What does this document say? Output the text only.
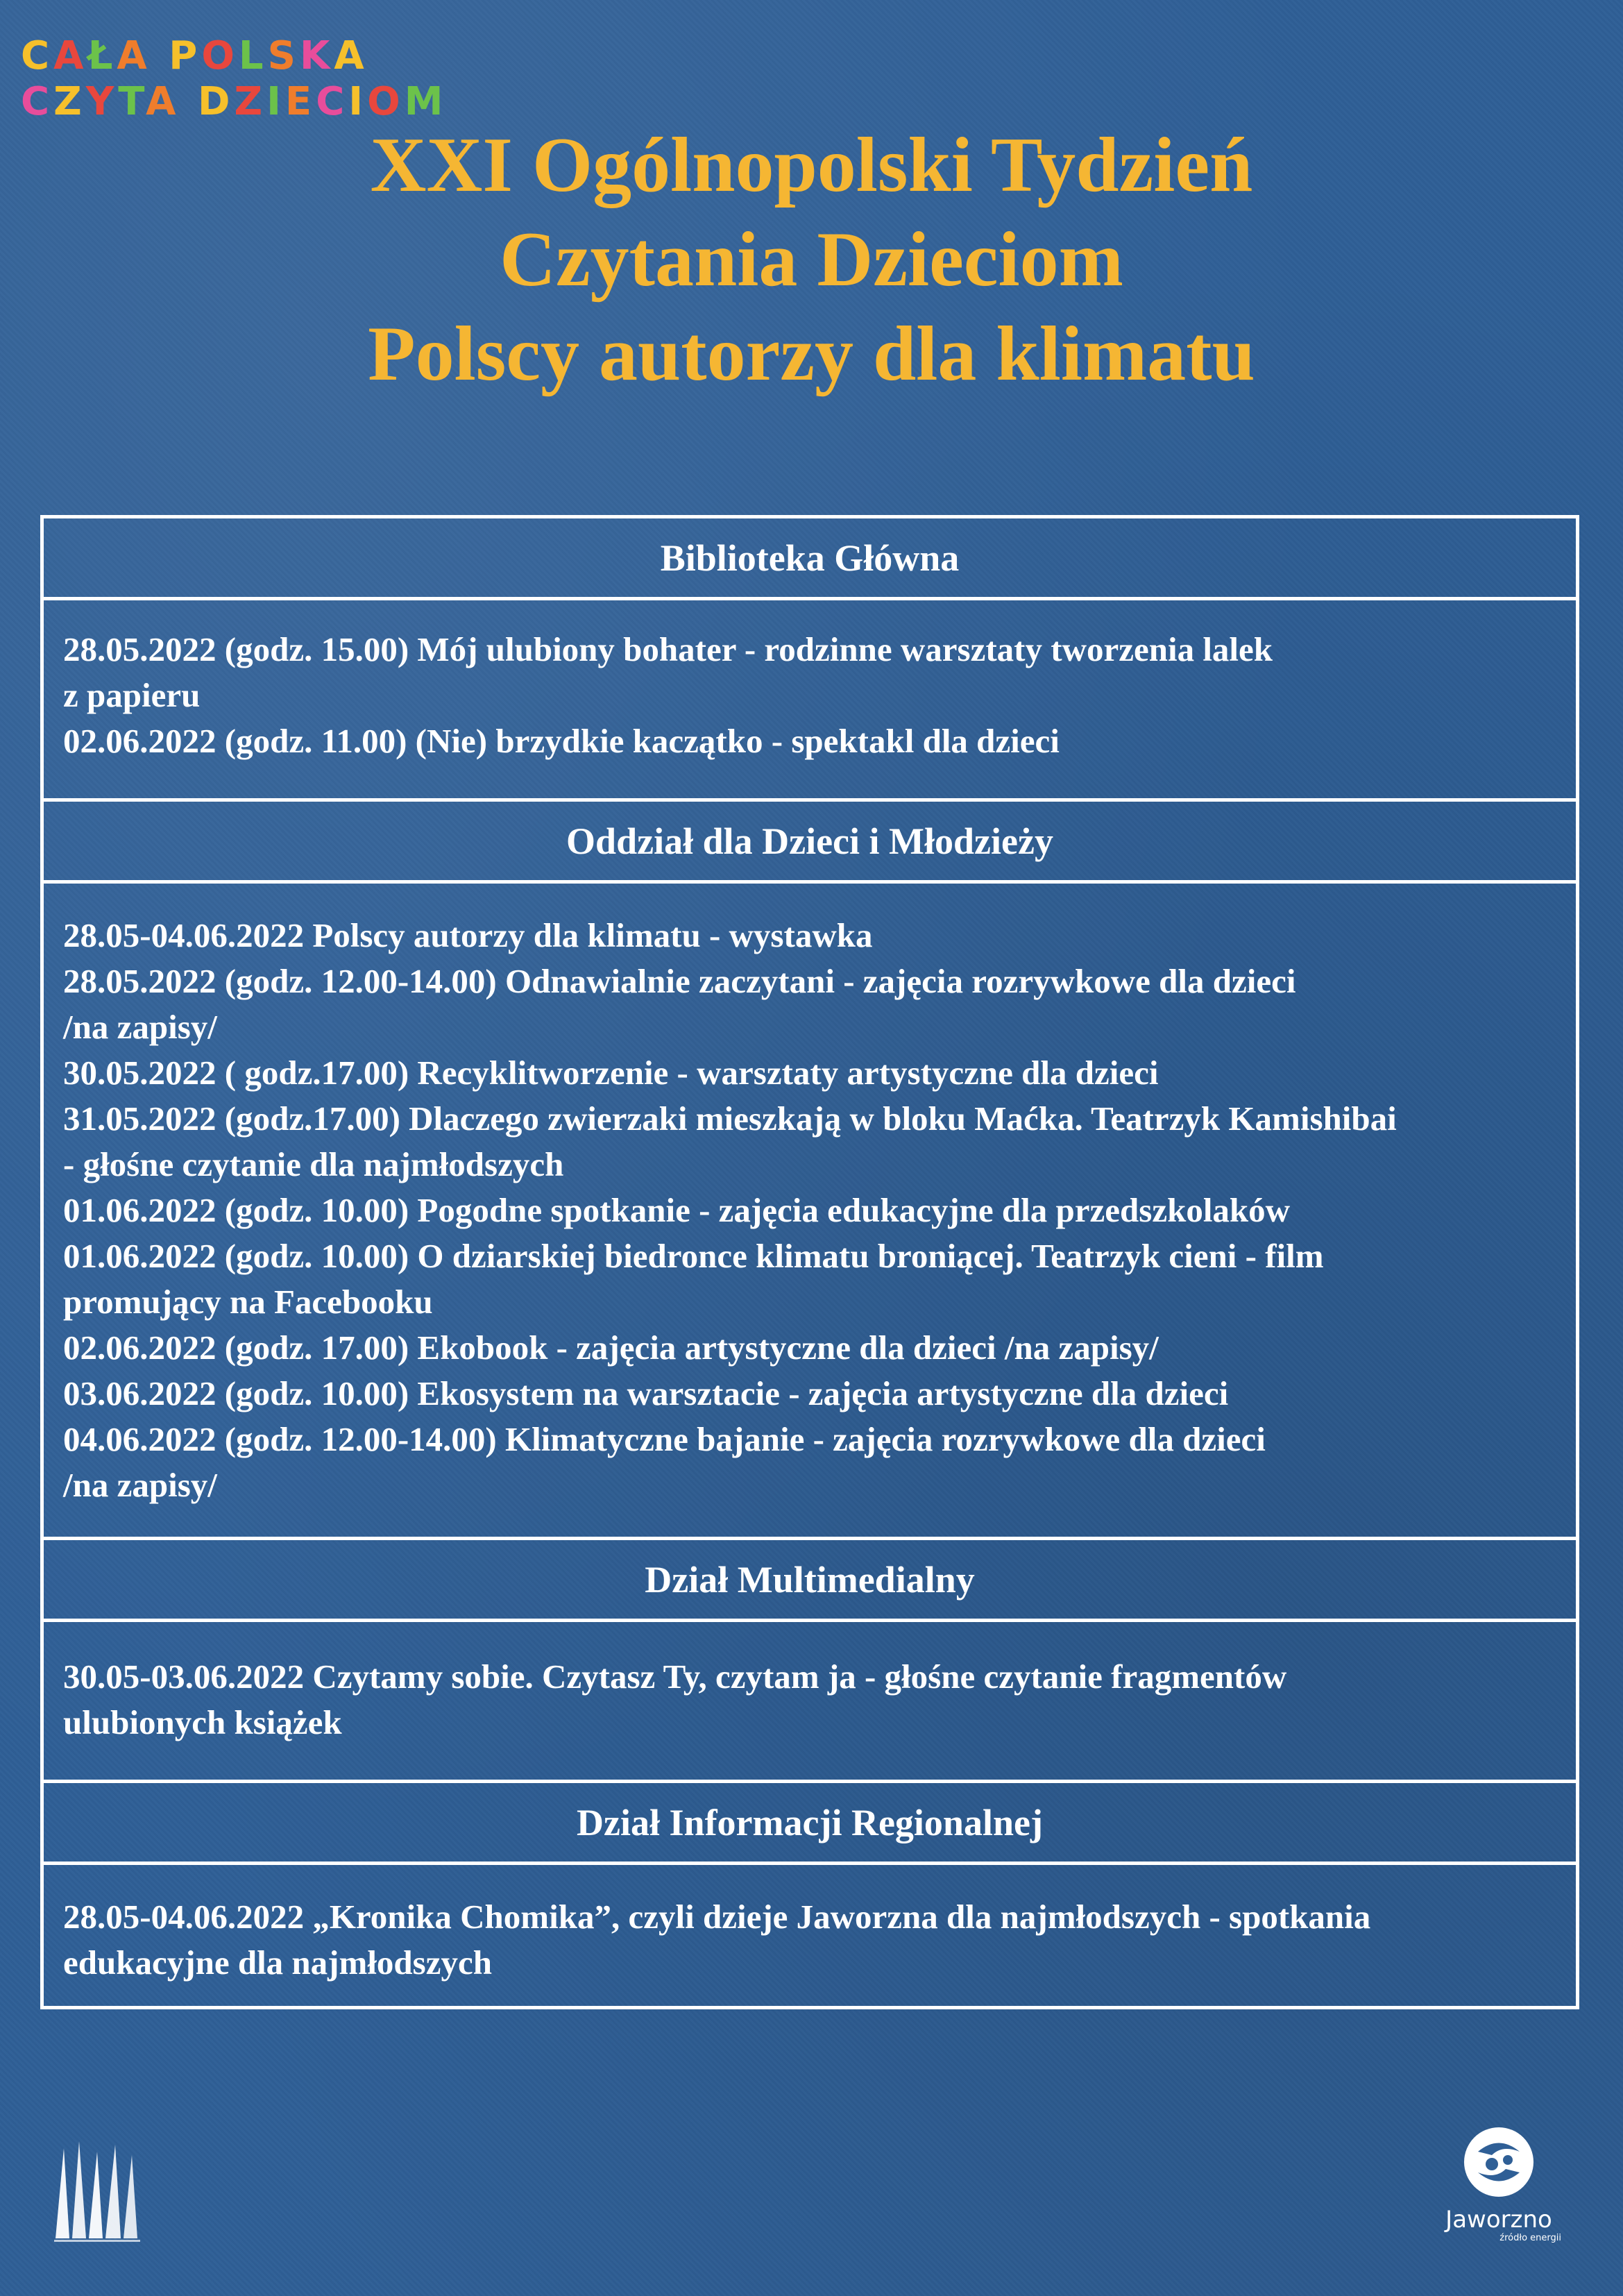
CAŁA POLSKA
CZYTA DZIECIOM
XXI Ogólnopolski Tydzień
Czytania Dzieciom
Polscy autorzy dla klimatu
Biblioteka Główna
28.05.2022 (godz. 15.00) Mój ulubiony bohater - rodzinne warsztaty tworzenia lalek
z papieru
02.06.2022 (godz. 11.00) (Nie) brzydkie kaczątko - spektakl dla dzieci
Oddział dla Dzieci i Młodzieży
28.05-04.06.2022 Polscy autorzy dla klimatu - wystawka
28.05.2022 (godz. 12.00-14.00) Odnawialnie zaczytani - zajęcia rozrywkowe dla dzieci
/na zapisy/
30.05.2022 ( godz.17.00) Recyklitworzenie - warsztaty artystyczne dla dzieci
31.05.2022 (godz.17.00) Dlaczego zwierzaki mieszkają w bloku Maćka. Teatrzyk Kamishibai
- głośne czytanie dla najmłodszych
01.06.2022 (godz. 10.00) Pogodne spotkanie - zajęcia edukacyjne dla przedszkolaków
01.06.2022 (godz. 10.00) O dziarskiej biedronce klimatu broniącej. Teatrzyk cieni - film
promujący na Facebooku
02.06.2022 (godz. 17.00) Ekobook - zajęcia artystyczne dla dzieci /na zapisy/
03.06.2022 (godz. 10.00) Ekosystem na warsztacie - zajęcia artystyczne dla dzieci
04.06.2022 (godz. 12.00-14.00) Klimatyczne bajanie - zajęcia rozrywkowe dla dzieci
/na zapisy/
Dział Multimedialny
30.05-03.06.2022 Czytamy sobie. Czytasz Ty, czytam ja - głośne czytanie fragmentów
ulubionych książek
Dział Informacji Regionalnej
28.05-04.06.2022 „Kronika Chomika”, czyli dzieje Jaworzna dla najmłodszych - spotkania
edukacyjne dla najmłodszych
Jaworzno
źródło energii
